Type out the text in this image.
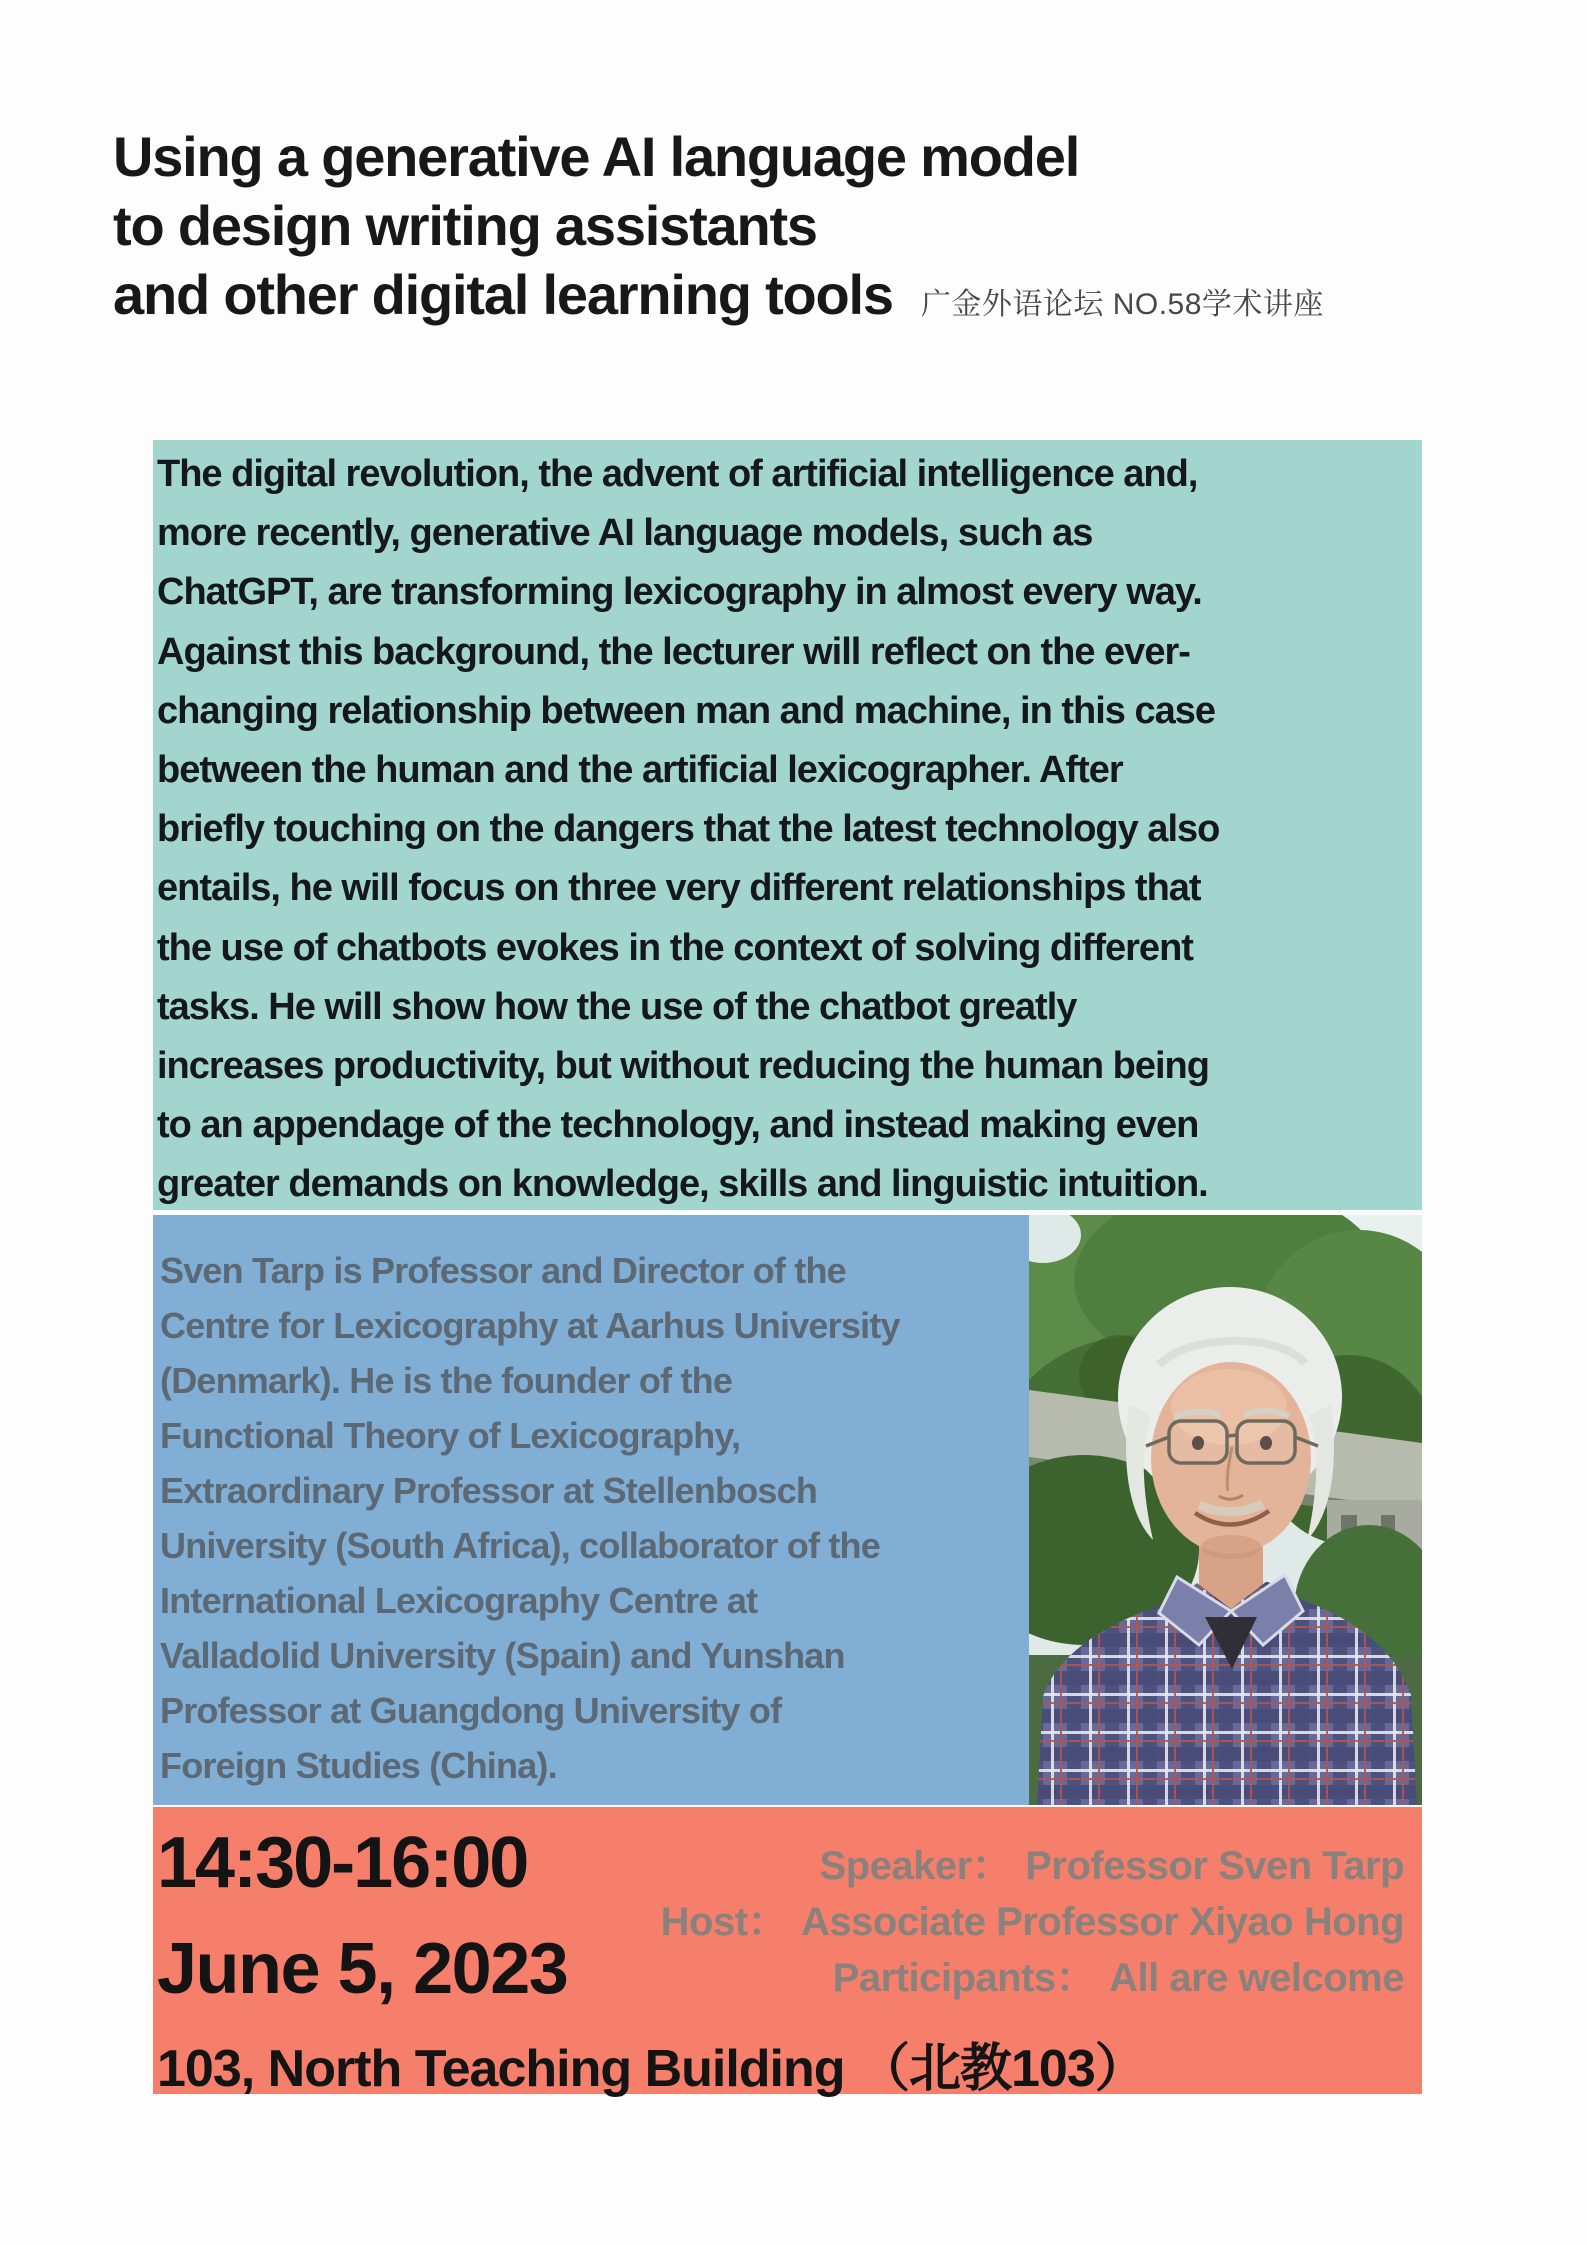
Using a generative AI language model
to design writing assistants
and other digital learning tools 广金外语论坛 NO.58学术讲座
The digital revolution, the advent of artificial intelligence and,
more recently, generative AI language models, such as
ChatGPT, are transforming lexicography in almost every way.
Against this background, the lecturer will reflect on the ever-
changing relationship between man and machine, in this case
between the human and the artificial lexicographer. After
briefly touching on the dangers that the latest technology also
entails, he will focus on three very different relationships that
the use of chatbots evokes in the context of solving different
tasks. He will show how the use of the chatbot greatly
increases productivity, but without reducing the human being
to an appendage of the technology, and instead making even
greater demands on knowledge, skills and linguistic intuition.
Sven Tarp is Professor and Director of the
Centre for Lexicography at Aarhus University
(Denmark). He is the founder of the
Functional Theory of Lexicography,
Extraordinary Professor at Stellenbosch
University (South Africa), collaborator of the
International Lexicography Centre at
Valladolid University (Spain) and Yunshan
Professor at Guangdong University of
Foreign Studies (China).
14:30-16:00
June 5, 2023
103, North Teaching Building （北教103）
Speaker： Professor Sven Tarp
Host： Associate Professor Xiyao Hong
Participants： All are welcome
